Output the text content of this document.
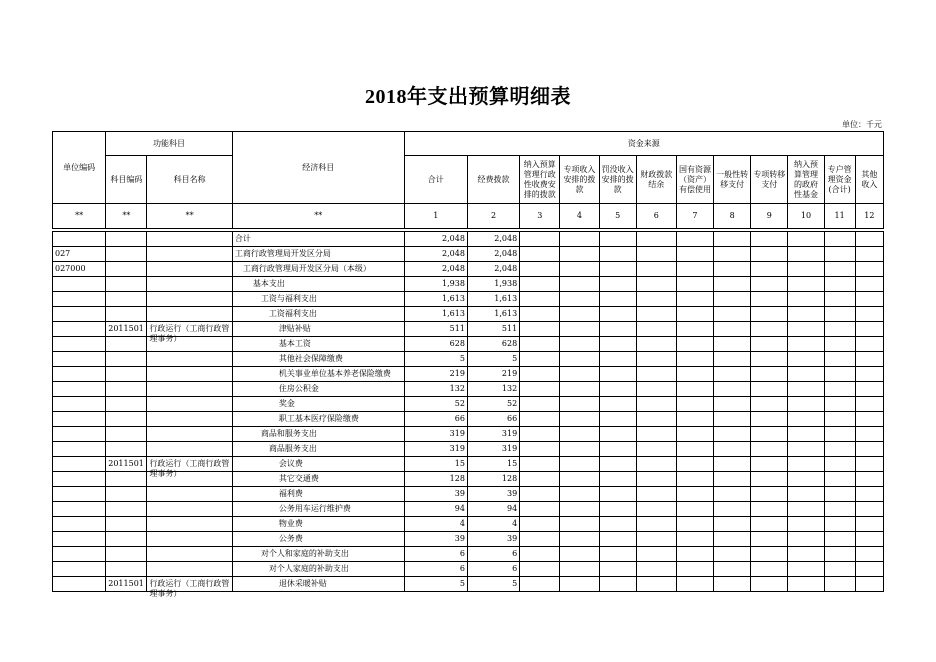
2018年支出预算明细表
单位：千元
单位编码	功能科目		经济科目	资金来源											
	科目编码	科目名称		合计	经费拨款	纳入预算管理行政性收费安排的拨款	专项收入安排的拨款	罚没收入安排的拨款	财政拨款结余	国有资源（资产）有偿使用	一般性转移支付	专项转移支付	纳入预算管理的政府性基金	专户管理资金(合计)	其他收入
**	**	**	**	1	2	3	4	5	6	7	8	9	10	11	12

			合计	2,048	2,048										
027			工商行政管理局开发区分局	2,048	2,048										
027000			工商行政管理局开发区分局（本级）	2,048	2,048										
			基本支出	1,938	1,938										
			工资与福利支出	1,613	1,613										
			工资福利支出	1,613	1,613										
	2011501	行政运行（工商行政管理事务）	津贴补贴	511	511										
			基本工资	628	628										
			其他社会保障缴费	5	5										
			机关事业单位基本养老保险缴费	219	219										
			住房公积金	132	132										
			奖金	52	52										
			职工基本医疗保险缴费	66	66										
			商品和服务支出	319	319										
			商品服务支出	319	319										
	2011501	行政运行（工商行政管理事务）	会议费	15	15										
			其它交通费	128	128										
			福利费	39	39										
			公务用车运行维护费	94	94										
			物业费	4	4										
			公务费	39	39										
			对个人和家庭的补助支出	6	6										
			对个人家庭的补助支出	6	6										
	2011501	行政运行（工商行政管理事务）	退休采暖补贴	5	5										
